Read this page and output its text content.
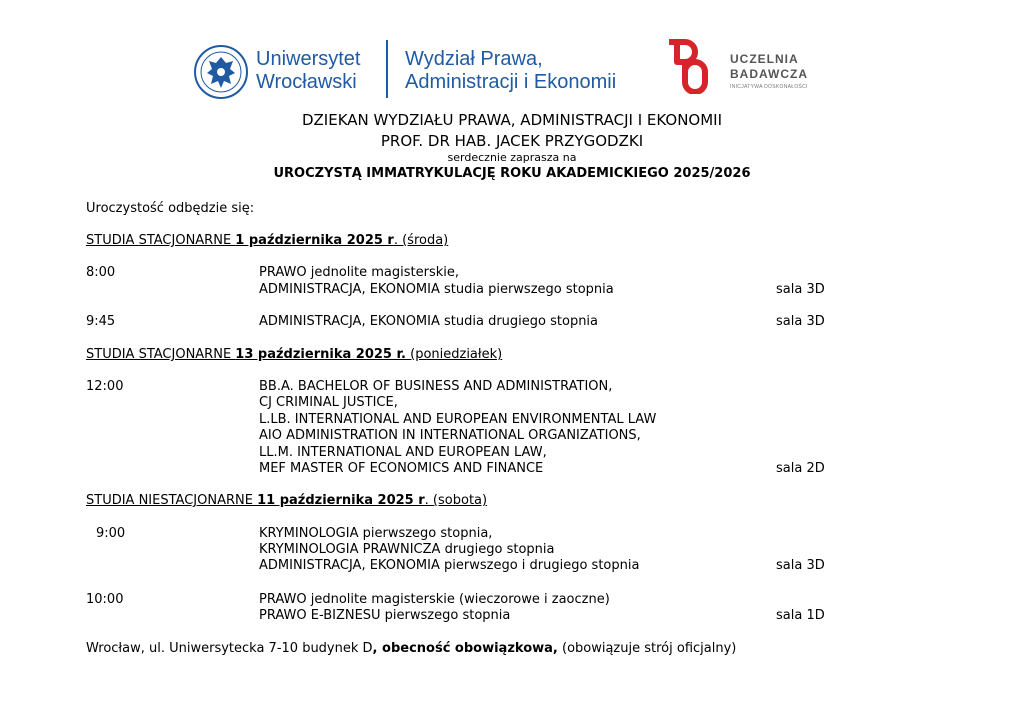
Uniwersytet
Wrocławski
Wydział Prawa,
Administracji i Ekonomii
UCZELNIA
BADAWCZA
INICJATYWA DOSKONAŁOŚCI
DZIEKAN WYDZIAŁU PRAWA, ADMINISTRACJI I EKONOMII
PROF. DR HAB. JACEK PRZYGODZKI
serdecznie zaprasza na
UROCZYSTĄ IMMATRYKULACJĘ ROKU AKADEMICKIEGO 2025/2026
Uroczystość odbędzie się:
STUDIA STACJONARNE 1 października 2025 r. (środa)
8:00	PRAWO jednolite magisterskie,
ADMINISTRACJA, EKONOMIA studia pierwszego stopnia	sala 3D
9:45	ADMINISTRACJA, EKONOMIA studia drugiego stopnia	sala 3D
STUDIA STACJONARNE 13 października 2025 r. (poniedziałek)
12:00	BB.A. BACHELOR OF BUSINESS AND ADMINISTRATION,
CJ CRIMINAL JUSTICE,
L.LB. INTERNATIONAL AND EUROPEAN ENVIRONMENTAL LAW
AIO ADMINISTRATION IN INTERNATIONAL ORGANIZATIONS,
LL.M. INTERNATIONAL AND EUROPEAN LAW,
MEF MASTER OF ECONOMICS AND FINANCE	sala 2D
STUDIA NIESTACJONARNE 11 października 2025 r. (sobota)
9:00	KRYMINOLOGIA pierwszego stopnia,
KRYMINOLOGIA PRAWNICZA drugiego stopnia
ADMINISTRACJA, EKONOMIA pierwszego i drugiego stopnia	sala 3D
10:00	PRAWO jednolite magisterskie (wieczorowe i zaoczne)
PRAWO E-BIZNESU pierwszego stopnia	sala 1D
Wrocław, ul. Uniwersytecka 7-10 budynek D, obecność obowiązkowa, (obowiązuje strój oficjalny)
